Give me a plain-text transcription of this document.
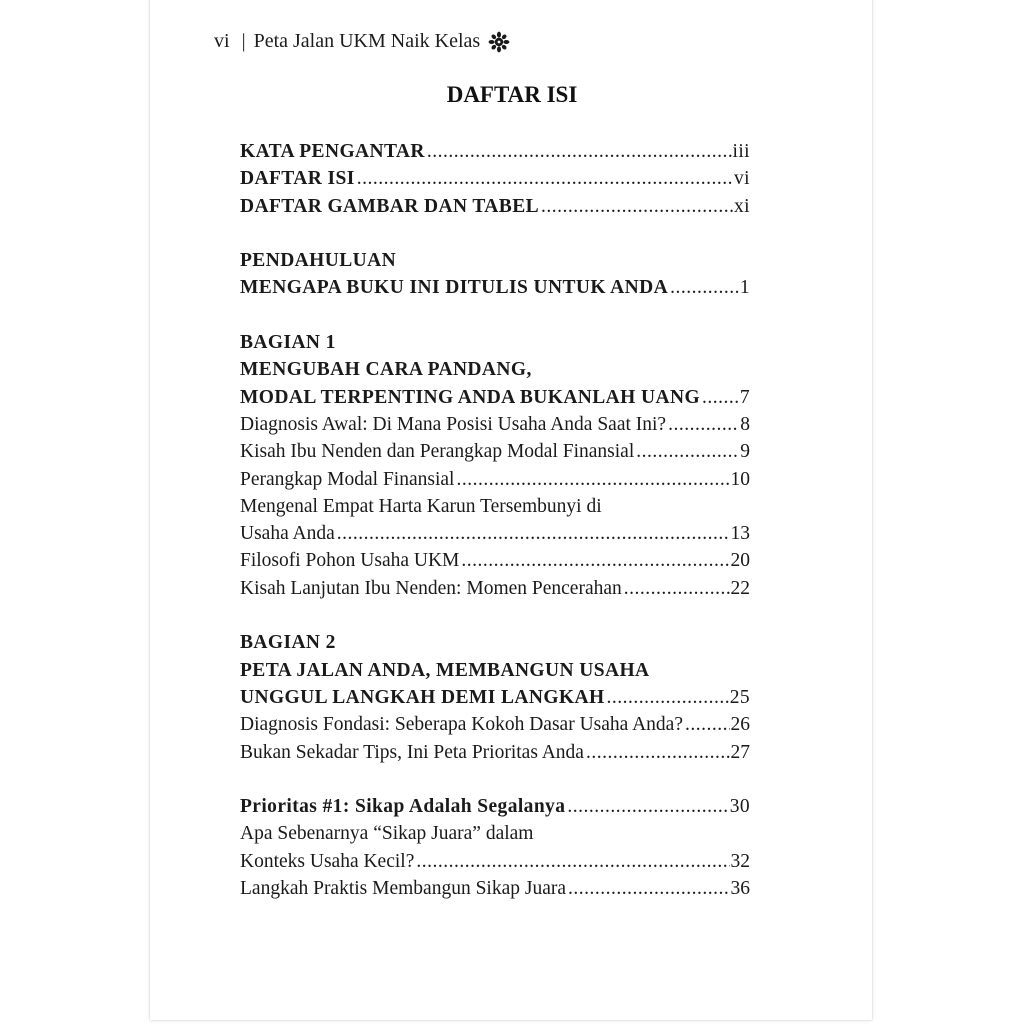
vi | Peta Jalan UKM Naik Kelas
DAFTAR ISI
KATA PENGANTAR .....	iii
DAFTAR ISI .....	vi
DAFTAR GAMBAR DAN TABEL .....	xi
PENDAHULUAN
MENGAPA BUKU INI DITULIS UNTUK ANDA .....	1
BAGIAN 1
MENGUBAH CARA PANDANG,
MODAL TERPENTING ANDA BUKANLAH UANG ..... 7
Diagnosis Awal: Di Mana Posisi Usaha Anda Saat Ini? .....	8
Kisah Ibu Nenden dan Perangkap Modal Finansial .....	9
Perangkap Modal Finansial .....	10
Mengenal Empat Harta Karun Tersembunyi di
Usaha Anda .....	13
Filosofi Pohon Usaha UKM .....	20
Kisah Lanjutan Ibu Nenden: Momen Pencerahan .....	22
BAGIAN 2
PETA JALAN ANDA, MEMBANGUN USAHA
UNGGUL LANGKAH DEMI LANGKAH .....	25
Diagnosis Fondasi: Seberapa Kokoh Dasar Usaha Anda? ..... 26
Bukan Sekadar Tips, Ini Peta Prioritas Anda .....	27
Prioritas #1: Sikap Adalah Segalanya .....	30
Apa Sebenarnya “Sikap Juara” dalam
Konteks Usaha Kecil? .....	32
Langkah Praktis Membangun Sikap Juara .....	36
